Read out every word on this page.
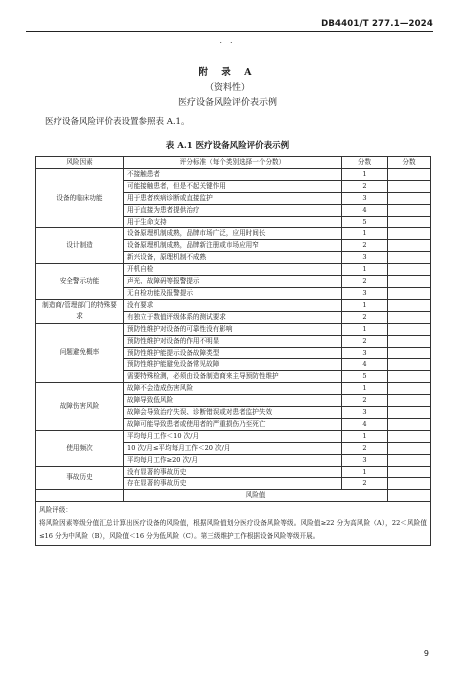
DB4401/T 277.1—2024
. .
附 录 A
（资料性）
医疗设备风险评价表示例
医疗设备风险评价表设置参照表 A.1。
表 A.1 医疗设备风险评价表示例
风险因素	评分标准（每个类别选择一个分数）	分数	分数
设备的临床功能	不接触患者	1	
	可能接触患者，但是不起关键作用	2	
	用于患者疾病诊断或直接监护	3	
	用于直接为患者提供治疗	4	
	用于生命支持	5	
设计制造	设备原理机制成熟，品牌市场广泛，应用时间长	1	
	设备原理机制成熟，品牌新注册或市场应用窄	2	
	新兴设备，原理机制不成熟	3	
安全警示功能	开机自检	1	
	声光、故障码等报警提示	2	
	无自检功能及报警提示	3	
制造商/管理部门的特殊要求	没有要求	1	
	有独立于数值评级体系的测试要求	2	
问题避免概率	预防性维护对设备的可靠性没有影响	1	
	预防性维护对设备的作用不明显	2	
	预防性维护能提示设备故障类型	3	
	预防性维护能避免设备常见故障	4	
	需要特殊检测，必须由设备制造商来主导预防性维护	5	
故障伤害风险	故障不会造成伤害风险	1	
	故障导致低风险	2	
	故障会导致治疗失误、诊断错误或对患者监护失效	3	
	故障可能导致患者或使用者的严重损伤乃至死亡	4	
使用频次	平均每月工作＜10 次/月	1	
	10 次/月≤平均每月工作＜20 次/月	2	
	平均每月工作≥20 次/月	3	
事故历史	没有显著的事故历史	1	
	存在显著的事故历史	2	
	风险值		

风险评级：
将风险因素等级分值汇总计算出医疗设备的风险值，根据风险值划分医疗设备风险等级。风险值≥22 分为高风险（A），22＜风险值≤16 分为中风险（B），风险值＜16 分为低风险（C）。第三级维护工作根据设备风险等级开展。			
9
